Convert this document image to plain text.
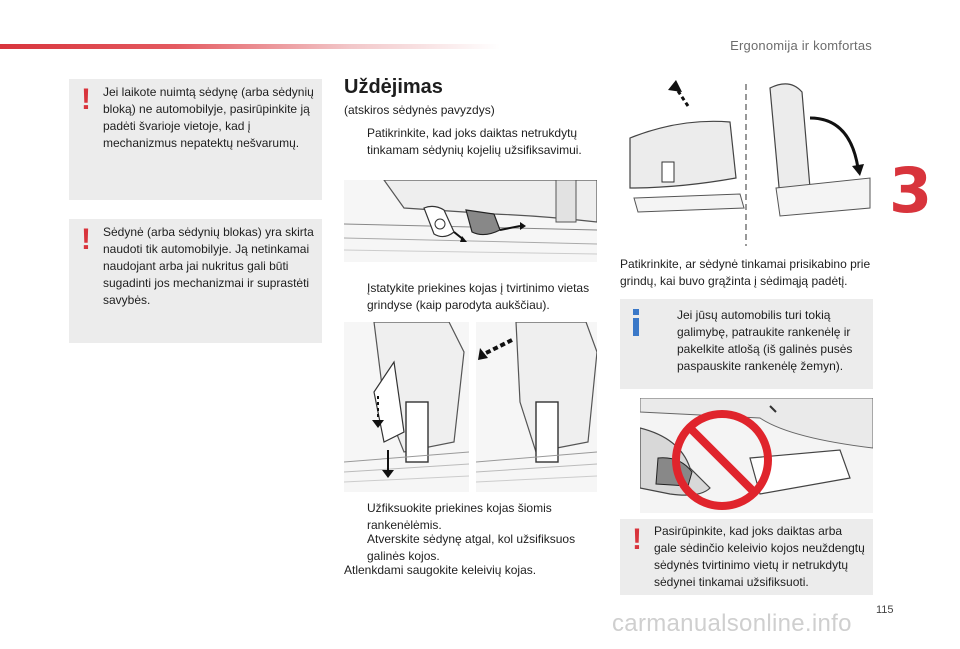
Ergonomija ir komfortas
3
! Jei laikote nuimtą sėdynę (arba sėdynių bloką) ne automobilyje, pasirūpinkite ją padėti švarioje vietoje, kad į mechanizmus nepatektų nešvarumų.
! Sėdynė (arba sėdynių blokas) yra skirta naudoti tik automobilyje. Ją netinkamai naudojant arba jai nukritus gali būti sugadinti jos mechanizmai ir suprastėti savybės.
Uždėjimas
(atskiros sėdynės pavyzdys)
Patikrinkite, kad joks daiktas netrukdytų tinkamam sėdynių kojelių užsifiksavimui.
Įstatykite priekines kojas į tvirtinimo vietas grindyse (kaip parodyta aukščiau).
Užfiksuokite priekines kojas šiomis rankenėlėmis.
Atverskite sėdynę atgal, kol užsifiksuos galinės kojos.
Atlenkdami saugokite keleivių kojas.
Patikrinkite, ar sėdynė tinkamai prisikabino prie grindų, kai buvo grąžinta į sėdimąją padėtį.
Jei jūsų automobilis turi tokią galimybę, patraukite rankenėlę ir pakelkite atlošą (iš galinės pusės paspauskite rankenėlę žemyn).
! Pasirūpinkite, kad joks daiktas arba gale sėdinčio keleivio kojos neuždengtų sėdynės tvirtinimo vietų ir netrukdytų sėdynei tinkamai užsifiksuoti.
115
carmanualsonline.info
